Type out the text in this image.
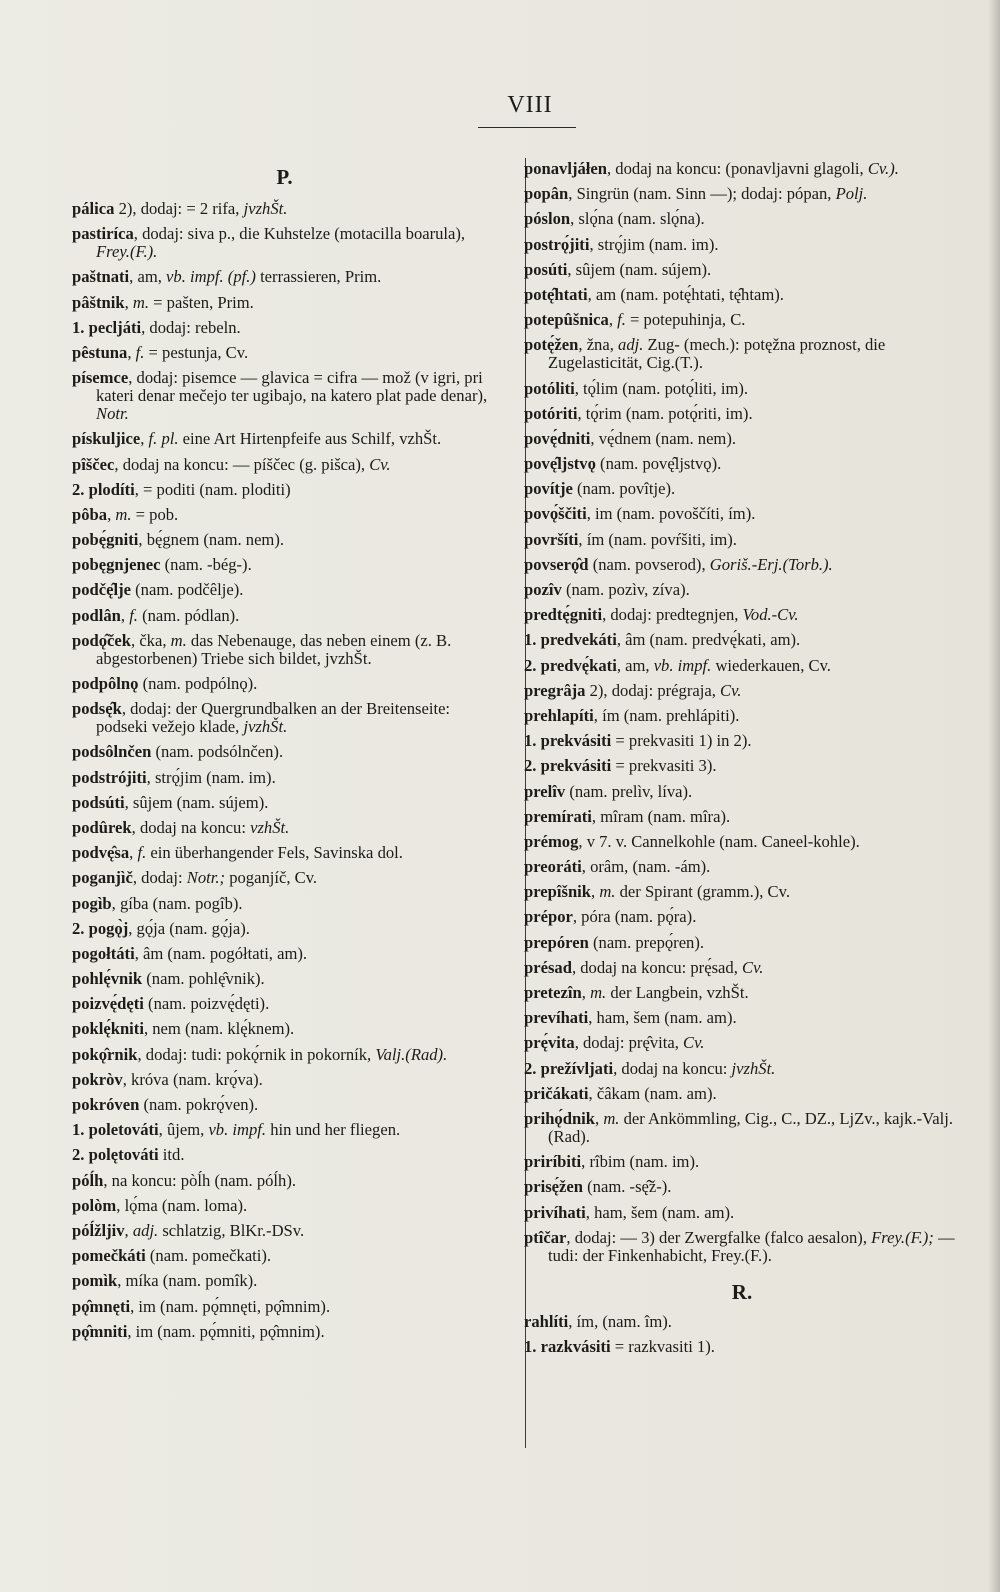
VIII
P.
pálica 2), dodaj: = 2 rifa, jvzhŠt.
pastiríca, dodaj: siva p., die Kuhstelze (motacilla boarula), Frey.(F.).
paštnati, am, vb. impf. (pf.) terrassieren, Prim.
pâštnik, m. = pašten, Prim.
1. pecljáti, dodaj: rebeln.
pêstuna, f. = pestunja, Cv.
písemce, dodaj: pisemce — glavica = cifra — mož (v igri, pri kateri denar mečejo ter ugibajo, na katero plat pade denar), Notr.
pískuljice, f. pl. eine Art Hirtenpfeife aus Schilf, vzhŠt.
pîščec, dodaj na koncu: — píščec (g. pišca), Cv.
2. plodíti, = poditi (nam. ploditi)
pôba, m. = pob.
pobę́gniti, bę́gnem (nam. nem).
pobęgnjenec (nam. -bég-).
podčę̂lje (nam. podčêlje).
podlân, f. (nam. pódlan).
podǫ̂ček, čka, m. das Nebenauge, das neben einem (z. B. abgestorbenen) Triebe sich bildet, jvzhŠt.
podpôlnǫ (nam. podpólnǫ).
podsę̂k, dodaj: der Quergrundbalken an der Breitenseite: podseki vežejo klade, jvzhŠt.
podsôlnčen (nam. podsólnčen).
podstrójiti, strǫ́jim (nam. im).
podsúti, sûjem (nam. sújem).
podûrek, dodaj na koncu: vzhŠt.
podvę̂sa, f. ein überhangender Fels, Savinska dol.
poganjìč, dodaj: Notr.; poganjíč, Cv.
pogìb, gíba (nam. pogîb).
2. pogǫ̀j, gǫ́ja (nam. gǫ́ja).
pogołtáti, âm (nam. pogółtati, am).
pohlę́vnik (nam. pohlę̂vnik).
poizvę́dęti (nam. poizvę́dęti).
poklę́kniti, nem (nam. klę́knem).
pokǫ̂rnik, dodaj: tudi: pokǫ́rnik in pokorník, Valj.(Rad).
pokròv, króva (nam. krǫ́va).
pokróven (nam. pokrǫ́ven).
1. poletováti, ûjem, vb. impf. hin und her fliegen.
2. polętováti itd.
póĺh, na koncu: pòĺh (nam. póĺh).
polòm, lǫ́ma (nam. loma).
póĺžljiv, adj. schlatzig, BlKr.-DSv.
pomečkáti (nam. pomečkati).
pomìk, míka (nam. pomîk).
pǫ̂mnęti, im (nam. pǫ́mnęti, pǫ̂mnim).
pǫ̂mniti, im (nam. pǫ́mniti, pǫ̂mnim).
ponavljáłen, dodaj na koncu: (ponavljavni glagoli, Cv.).
popân, Singrün (nam. Sinn —); dodaj: pópan, Polj.
póslon, slǫ́na (nam. slǫ́na).
postrǫ́jiti, strǫ́jim (nam. im).
posúti, sûjem (nam. sújem).
potę̂htati, am (nam. potę́htati, tę̂htam).
potepûšnica, f. = potepuhinja, C.
potę́žen, žna, adj. Zug- (mech.): potęžna proznost, die Zugelasticität, Cig.(T.).
potóliti, tǫ́lim (nam. potǫ́liti, im).
potóriti, tǫ́rim (nam. potǫ́riti, im).
povę́dniti, vę́dnem (nam. nem).
povę̂ljstvǫ (nam. povę̂ljstvǫ).
povítje (nam. povîtje).
povǫ́ščiti, im (nam. povoščíti, ím).
površíti, ím (nam. povŕšiti, im).
povserǫ̂d (nam. povserod), Goriš.-Erj.(Torb.).
pozîv (nam. pozìv, zíva).
predtę́gniti, dodaj: predtegnjen, Vod.-Cv.
1. predvekáti, âm (nam. predvę́kati, am).
2. predvę́kati, am, vb. impf. wiederkauen, Cv.
pregrâja 2), dodaj: prégraja, Cv.
prehlapíti, ím (nam. prehlápiti).
1. prekvásiti = prekvasiti 1) in 2).
2. prekvásiti = prekvasiti 3).
prelîv (nam. prelìv, líva).
premírati, mîram (nam. mîra).
prémog, v 7. v. Cannelkohle (nam. Caneel-kohle).
preoráti, orâm, (nam. -ám).
prepîšnik, m. der Spirant (gramm.), Cv.
prépor, póra (nam. pǫ́ra).
prepóren (nam. prepǫ́ren).
présad, dodaj na koncu: prę́sad, Cv.
pretezîn, m. der Langbein, vzhŠt.
prevíhati, ham, šem (nam. am).
prę́vita, dodaj: prę̂vita, Cv.
2. prežívljati, dodaj na koncu: jvzhŠt.
pričákati, čâkam (nam. am).
prihǫ́dnik, m. der Ankömmling, Cig., C., DZ., LjZv., kajk.-Valj.(Rad).
priríbiti, rîbim (nam. im).
prisę́žen (nam. -sę̂ž-).
privíhati, ham, šem (nam. am).
ptîčar, dodaj: — 3) der Zwergfalke (falco aesalon), Frey.(F.); — tudi: der Finkenhabicht, Frey.(F.).
R.
rahlíti, ím, (nam. îm).
1. razkvásiti = razkvasiti 1).
